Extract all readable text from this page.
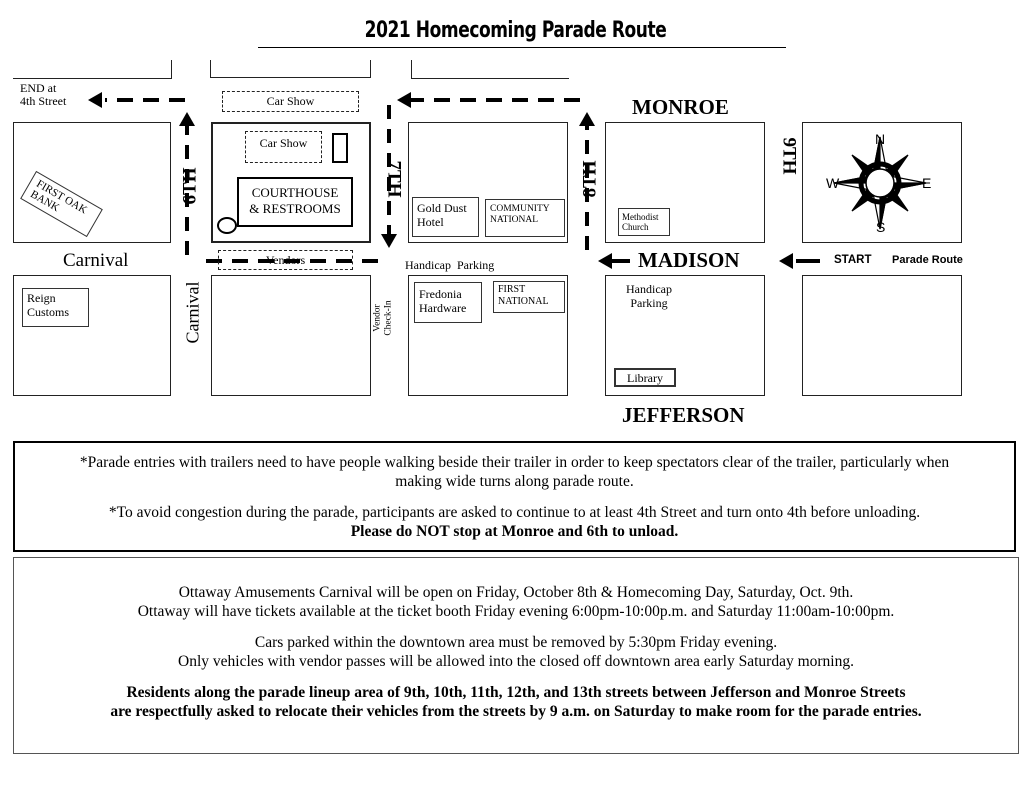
2021 Homecoming Parade Route
MONROE
MADISON
JEFFERSON
6TH	7TH	8TH
9TH
END at
4th Street
START Parade Route
Car Show
Car Show
COURTHOUSE
& RESTROOMS
Vendors
FIRST OAK
BANK
Carnival
Carnival
Reign
Customs
Gold Dust
Hotel
COMMUNITY
NATIONAL
Handicap  Parking
Fredonia
Hardware
FIRST
NATIONAL
Vendor
Check-In
Methodist
Church
Handicap
Parking
Library
N
S
E
W

*Parade entries with trailers need to have people walking beside their trailer in order to keep spectators clear of the trailer, particularly when making wide turns along parade route.

*To avoid congestion during the parade, participants are asked to continue to at least 4th Street and turn onto 4th before unloading.

Please do NOT stop at Monroe and 6th to unload.

Ottaway Amusements Carnival will be open on Friday, October 8th & Homecoming Day, Saturday, Oct. 9th.

Ottaway will have tickets available at the ticket booth Friday evening 6:00pm-10:00p.m. and Saturday 11:00am-10:00pm.

Cars parked within the downtown area must be removed by 5:30pm Friday evening.

Only vehicles with vendor passes will be allowed into the closed off downtown area early Saturday morning.

Residents along the parade lineup area of 9th, 10th, 11th, 12th, and 13th streets between Jefferson and Monroe Streets

are respectfully asked to relocate their vehicles from the streets by 9 a.m. on Saturday to make room for the parade entries.
